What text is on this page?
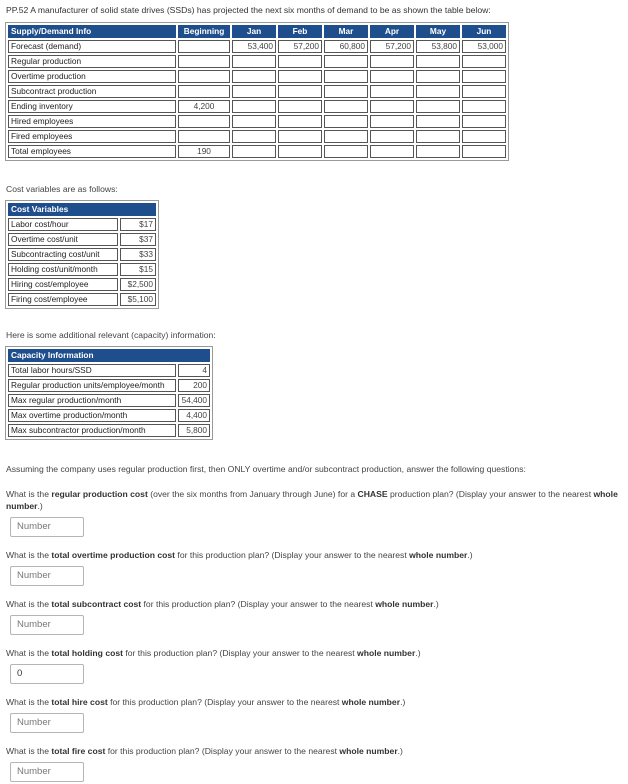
PP.52 A manufacturer of solid state drives (SSDs) has projected the next six months of demand to be as shown the table below:
Supply/Demand Info	Beginning	Jan	Feb	Mar	Apr	May	Jun
Forecast (demand)		53,400	57,200	60,800	57,200	53,800	53,000
Regular production							
Overtime production							
Subcontract production							
Ending inventory	4,200						
Hired employees							
Fired employees							
Total employees	190						
Cost variables are as follows:
Cost Variables	
Labor cost/hour	$17
Overtime cost/unit	$37
Subcontracting cost/unit	$33
Holding cost/unit/month	$15
Hiring cost/employee	$2,500
Firing cost/employee	$5,100
Here is some additional relevant (capacity) information:
Capacity Information	
Total labor hours/SSD	4
Regular production units/employee/month	200
Max regular production/month	54,400
Max overtime production/month	4,400
Max subcontractor production/month	5,800
Assuming the company uses regular production first, then ONLY overtime and/or subcontract production, answer the following questions:
What is the regular production cost (over the six months from January through June) for a CHASE production plan? (Display your answer to the nearest whole number.)
Number
What is the total overtime production cost for this production plan? (Display your answer to the nearest whole number.)
Number
What is the total subcontract cost for this production plan? (Display your answer to the nearest whole number.)
Number
What is the total holding cost for this production plan? (Display your answer to the nearest whole number.)
0
What is the total hire cost for this production plan? (Display your answer to the nearest whole number.)
Number
What is the total fire cost for this production plan? (Display your answer to the nearest whole number.)
Number
